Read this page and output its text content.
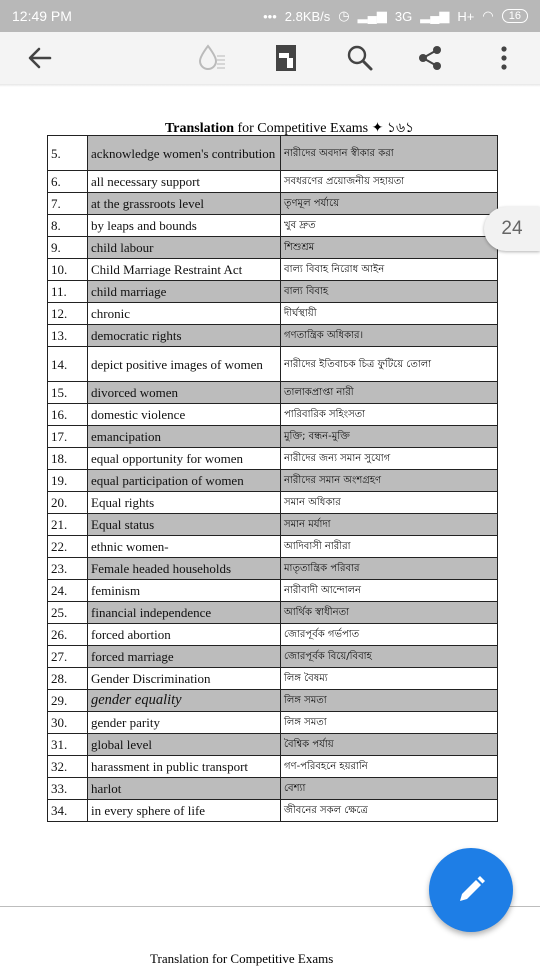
12:49 PM	••• 2.8KB/s ◷ ▂▄▆ 3G ▂▄▆ H+ ◠	16
Translation for Competitive Exams ✦ ১৬১
5.	acknowledge women's contribution	নারীদের অবদান স্বীকার করা
6.	all necessary support	সবধরণের প্রয়োজনীয় সহায়তা
7.	at the grassroots level	তৃণমূল পর্যায়ে
8.	by leaps and bounds	খুব দ্রুত
9.	child labour	শিশুশ্রম
10.	Child Marriage Restraint Act	বাল্য বিবাহ নিরোধ আইন
11.	child marriage	বাল্য বিবাহ
12.	chronic	দীর্ঘস্থায়ী
13.	democratic rights	গণতান্ত্রিক অধিকার।
14.	depict positive images of women	নারীদের ইতিবাচক চিত্র ফুটিয়ে তোলা
15.	divorced women	তালাকপ্রাপ্তা নারী
16.	domestic violence	পারিবারিক সহিংসতা
17.	emancipation	মুক্তি; বন্ধন-মুক্তি
18.	equal opportunity for women	নারীদের জন্য সমান সুযোগ
19.	equal participation of women	নারীদের সমান অংশগ্রহণ
20.	Equal rights	সমান অধিকার
21.	Equal status	সমান মর্যাদা
22.	ethnic women-	আদিবাসী নারীরা
23.	Female headed households	মাতৃতান্ত্রিক পরিবার
24.	feminism	নারীবাদী আন্দোলন
25.	financial independence	আর্থিক স্বাধীনতা
26.	forced abortion	জোরপূর্বক গর্ভপাত
27.	forced marriage	জোরপূর্বক বিয়ে/বিবাহ
28.	Gender Discrimination	লিঙ্গ বৈষম্য
29.	gender equality	লিঙ্গ সমতা
30.	gender parity	লিঙ্গ সমতা
31.	global level	বৈশ্বিক পর্যায়
32.	harassment in public transport	গণ-পরিবহনে হয়রানি
33.	harlot	বেশ্যা
34.	in every sphere of life	জীবনের সকল ক্ষেত্রে
24
Translation for Competitive Exams
